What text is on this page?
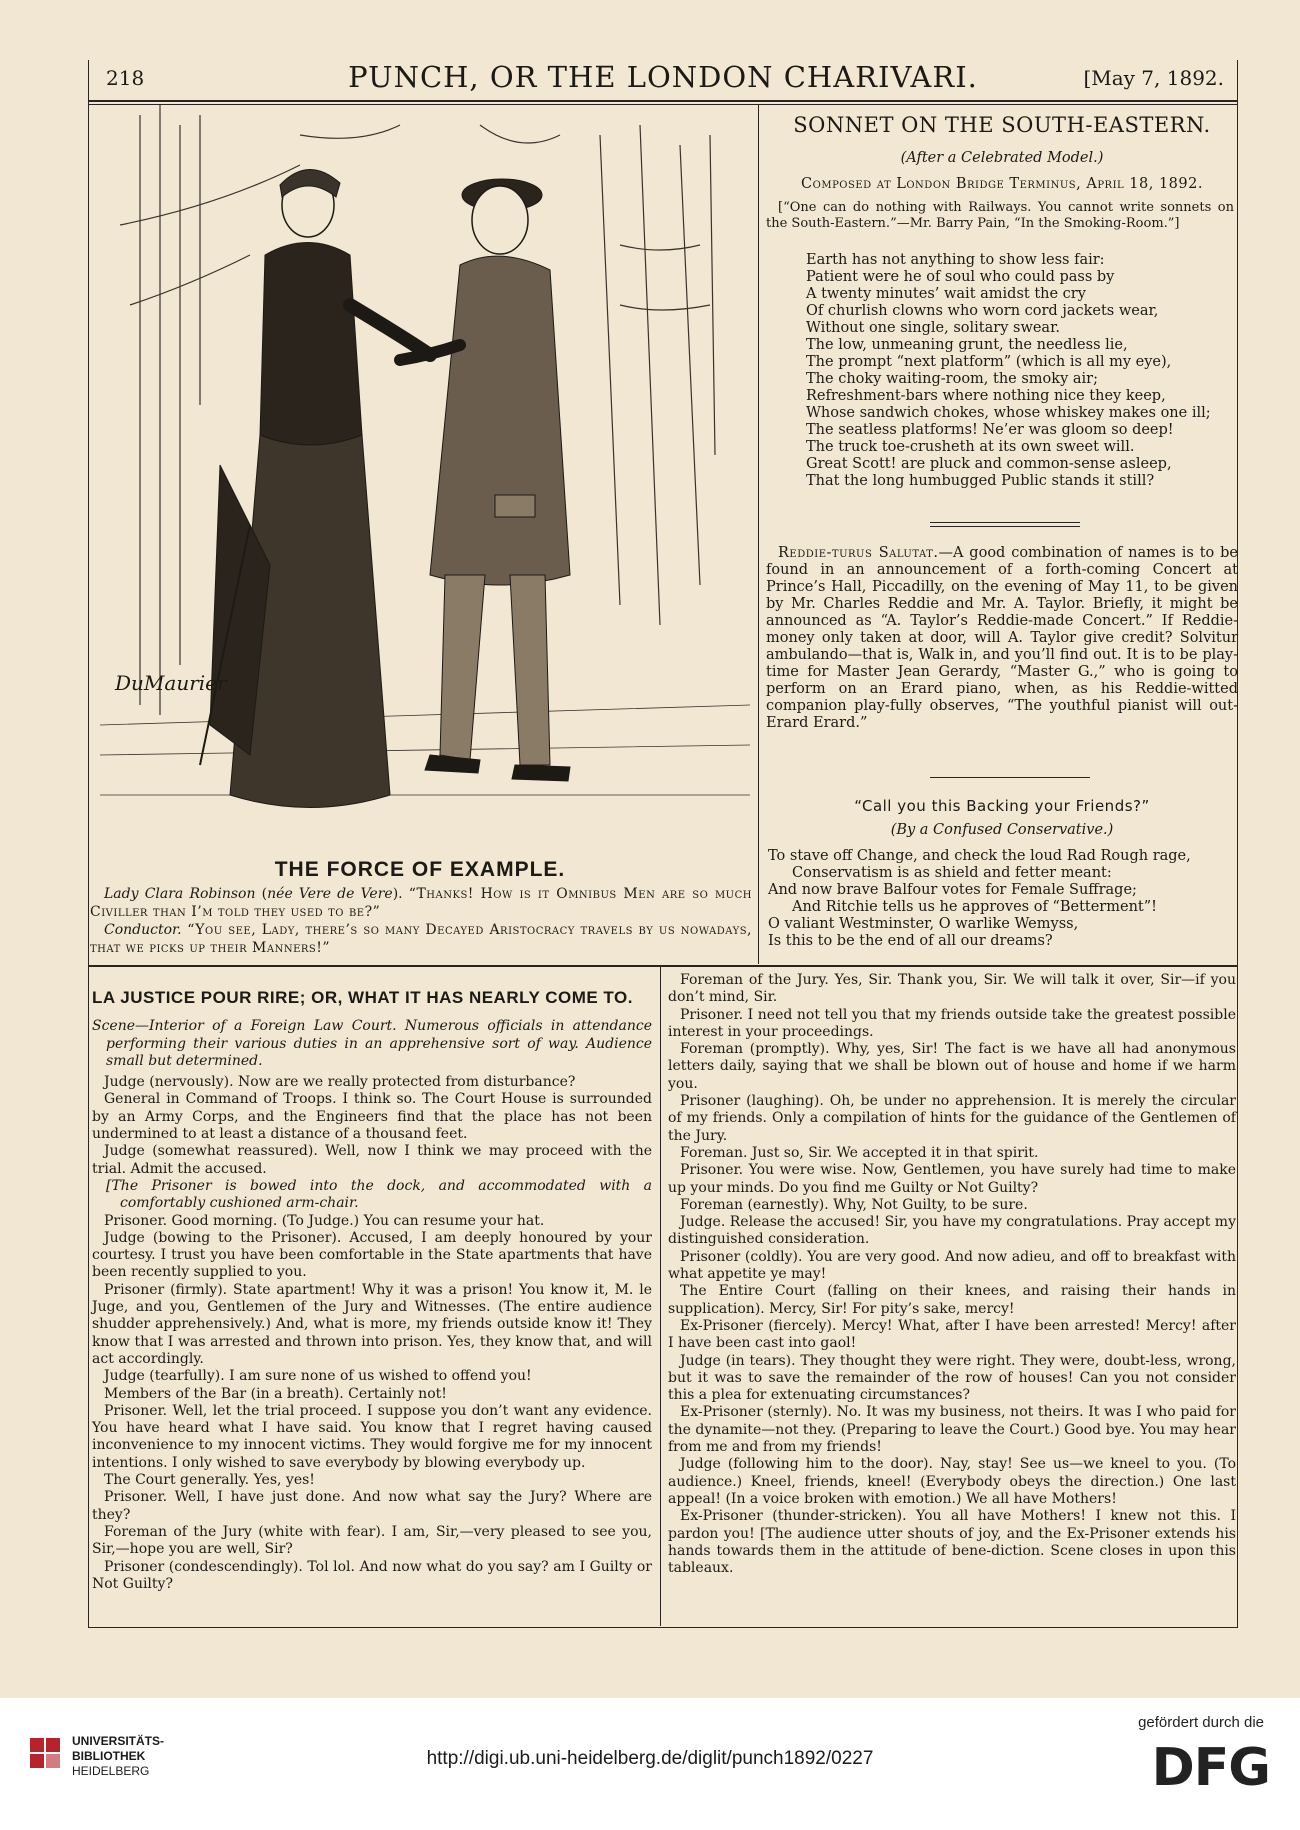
218	PUNCH, OR THE LONDON CHARIVARI.	[May 7, 1892.
DuMaurier
THE FORCE OF EXAMPLE.

Lady Clara Robinson (née Vere de Vere). “Thanks! How is it Omnibus Men are so much Civiller than I’m told they used to be?”

Conductor. “You see, Lady, there’s so many Decayed Aristocracy travels by us nowadays, that we picks up their Manners!”

SONNET ON THE SOUTH-EASTERN.
(After a Celebrated Model.)
Composed at London Bridge Terminus, April 18, 1892.
[“One can do nothing with Railways. You cannot write sonnets on the South-Eastern.”—Mr. Barry Pain, “In the Smoking-Room.”]
Earth has not anything to show less fair:
Patient were he of soul who could pass by
A twenty minutes’ wait amidst the cry
Of churlish clowns who worn cord jackets wear,
Without one single, solitary swear.
The low, unmeaning grunt, the needless lie,
The prompt “next platform” (which is all my eye),
The choky waiting-room, the smoky air;
Refreshment-bars where nothing nice they keep,
Whose sandwich chokes, whose whiskey makes one ill;
The seatless platforms! Ne’er was gloom so deep!
The truck toe-crusheth at its own sweet will.
Great Scott! are pluck and common-sense asleep,
That the long humbugged Public stands it still?

Reddie-turus Salutat.—A good combination of names is to be found in an announcement of a forth-coming Concert at Prince’s Hall, Piccadilly, on the evening of May 11, to be given by Mr. Charles Reddie and Mr. A. Taylor. Briefly, it might be announced as “A. Taylor’s Reddie-made Concert.” If Reddie-money only taken at door, will A. Taylor give credit? Solvitur ambulando—that is, Walk in, and you’ll find out. It is to be play-time for Master Jean Gerardy, “Master G.,” who is going to perform on an Erard piano, when, as his Reddie-witted companion play-fully observes, “The youthful pianist will out-Erard Erard.”

“Call you this Backing your Friends?”
(By a Confused Conservative.)
To stave off Change, and check the loud Rad Rough rage,
Conservatism is as shield and fetter meant:
And now brave Balfour votes for Female Suffrage;
And Ritchie tells us he approves of “Betterment”!
O valiant Westminster, O warlike Wemyss,
Is this to be the end of all our dreams?
LA JUSTICE POUR RIRE; OR, WHAT IT HAS NEARLY COME TO.

Scene—Interior of a Foreign Law Court. Numerous officials in attendance performing their various duties in an apprehensive sort of way. Audience small but determined.

Judge (nervously). Now are we really protected from disturbance?

General in Command of Troops. I think so. The Court House is surrounded by an Army Corps, and the Engineers find that the place has not been undermined to at least a distance of a thousand feet.

Judge (somewhat reassured). Well, now I think we may proceed with the trial. Admit the accused.

[The Prisoner is bowed into the dock, and accommodated with a comfortably cushioned arm-chair.

Prisoner. Good morning. (To Judge.) You can resume your hat.

Judge (bowing to the Prisoner). Accused, I am deeply honoured by your courtesy. I trust you have been comfortable in the State apartments that have been recently supplied to you.

Prisoner (firmly). State apartment! Why it was a prison! You know it, M. le Juge, and you, Gentlemen of the Jury and Witnesses. (The entire audience shudder apprehensively.) And, what is more, my friends outside know it! They know that I was arrested and thrown into prison. Yes, they know that, and will act accordingly.

Judge (tearfully). I am sure none of us wished to offend you!

Members of the Bar (in a breath). Certainly not!

Prisoner. Well, let the trial proceed. I suppose you don’t want any evidence. You have heard what I have said. You know that I regret having caused inconvenience to my innocent victims. They would forgive me for my innocent intentions. I only wished to save everybody by blowing everybody up.

The Court generally. Yes, yes!

Prisoner. Well, I have just done. And now what say the Jury? Where are they?

Foreman of the Jury (white with fear). I am, Sir,—very pleased to see you, Sir,—hope you are well, Sir?

Prisoner (condescendingly). Tol lol. And now what do you say? am I Guilty or Not Guilty?

Foreman of the Jury. Yes, Sir. Thank you, Sir. We will talk it over, Sir—if you don’t mind, Sir.

Prisoner. I need not tell you that my friends outside take the greatest possible interest in your proceedings.

Foreman (promptly). Why, yes, Sir! The fact is we have all had anonymous letters daily, saying that we shall be blown out of house and home if we harm you.

Prisoner (laughing). Oh, be under no apprehension. It is merely the circular of my friends. Only a compilation of hints for the guidance of the Gentlemen of the Jury.

Foreman. Just so, Sir. We accepted it in that spirit.

Prisoner. You were wise. Now, Gentlemen, you have surely had time to make up your minds. Do you find me Guilty or Not Guilty?

Foreman (earnestly). Why, Not Guilty, to be sure.

Judge. Release the accused! Sir, you have my congratulations. Pray accept my distinguished consideration.

Prisoner (coldly). You are very good. And now adieu, and off to breakfast with what appetite ye may!

The Entire Court (falling on their knees, and raising their hands in supplication). Mercy, Sir! For pity’s sake, mercy!

Ex-Prisoner (fiercely). Mercy! What, after I have been arrested! Mercy! after I have been cast into gaol!

Judge (in tears). They thought they were right. They were, doubt-less, wrong, but it was to save the remainder of the row of houses! Can you not consider this a plea for extenuating circumstances?

Ex-Prisoner (sternly). No. It was my business, not theirs. It was I who paid for the dynamite—not they. (Preparing to leave the Court.) Good bye. You may hear from me and from my friends!

Judge (following him to the door). Nay, stay! See us—we kneel to you. (To audience.) Kneel, friends, kneel! (Everybody obeys the direction.) One last appeal! (In a voice broken with emotion.) We all have Mothers!

Ex-Prisoner (thunder-stricken). You all have Mothers! I knew not this. I pardon you! [The audience utter shouts of joy, and the Ex-Prisoner extends his hands towards them in the attitude of bene-diction. Scene closes in upon this tableaux.

UNIVERSITÄTS-
BIBLIOTHEK
HEIDELBERG
http://digi.ub.uni-heidelberg.de/diglit/punch1892/0227
gefördert durch die
DFG
